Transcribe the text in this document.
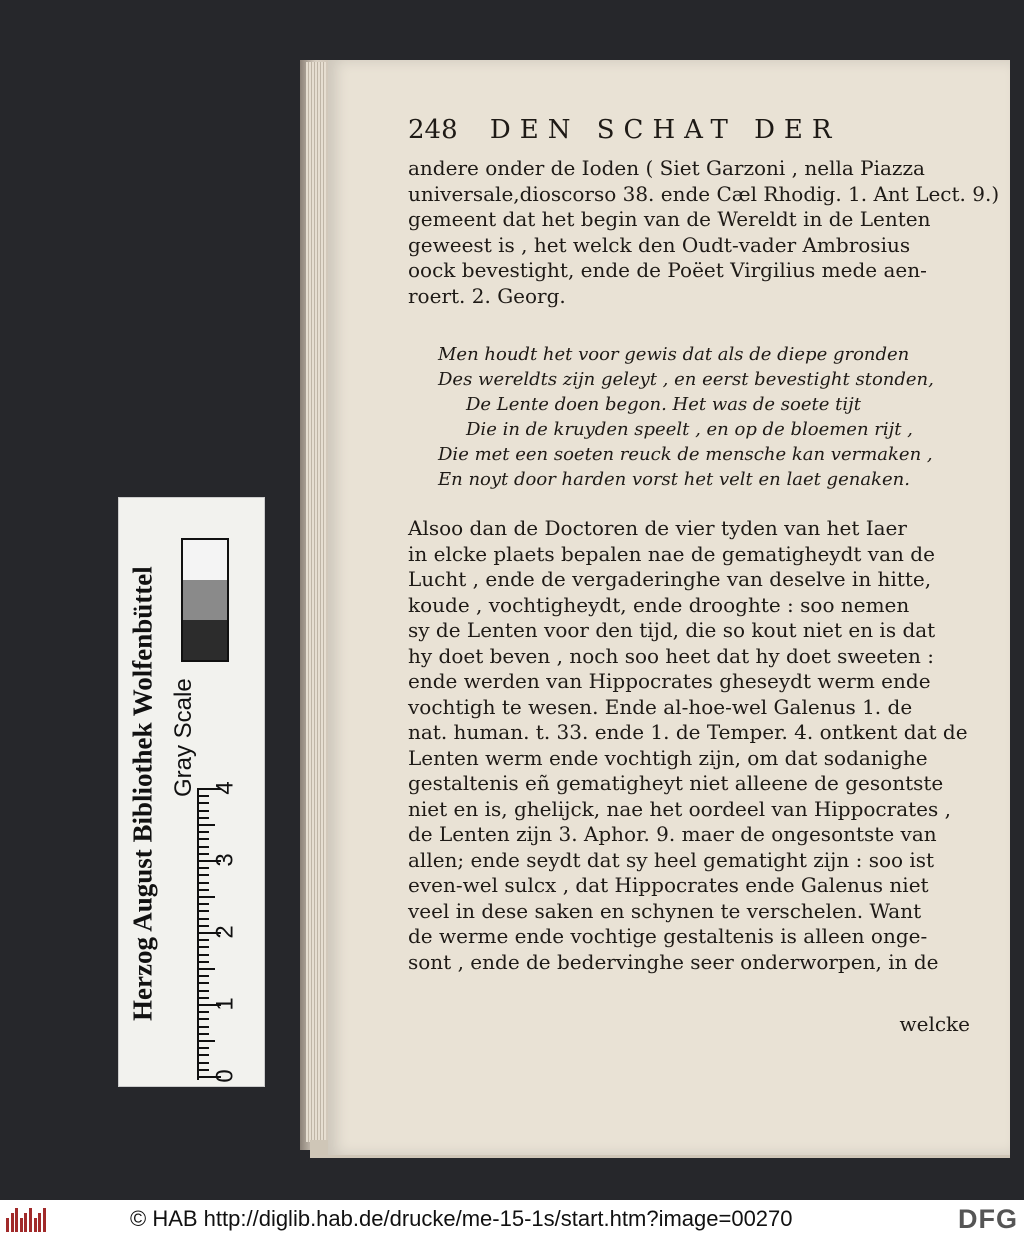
248 DEN SCHAT DER
andere onder de Ioden ( Siet Garzoni , nella Piazza
universale,dioscorso 38. ende Cæl Rhodig. 1. Ant Lect. 9.)
gemeent dat het begin van de Wereldt in de Lenten
geweest is , het welck den Oudt-vader Ambrosius
oock bevestight, ende de Poëet Virgilius mede aen-
roert. 2. Georg.
Men houdt het voor gewis dat als de diepe gronden
Des wereldts zijn geleyt , en eerst bevestight stonden,
De Lente doen begon. Het was de soete tijt
Die in de kruyden speelt , en op de bloemen rijt ,
Die met een soeten reuck de mensche kan vermaken ,
En noyt door harden vorst het velt en laet genaken.
Alsoo dan de Doctoren de vier tyden van het Iaer
in elcke plaets bepalen nae de gematigheydt van de
Lucht , ende de vergaderinghe van deselve in hitte,
koude , vochtigheydt, ende drooghte : soo nemen
sy de Lenten voor den tijd, die so kout niet en is dat
hy doet beven , noch soo heet dat hy doet sweeten :
ende werden van Hippocrates gheseydt werm ende
vochtigh te wesen. Ende al-hoe-wel Galenus 1. de
nat. human. t. 33. ende 1. de Temper. 4. ontkent dat de
Lenten werm ende vochtigh zijn, om dat sodanighe
gestaltenis eñ gematigheyt niet alleene de gesontste
niet en is, ghelijck, nae het oordeel van Hippocrates ,
de Lenten zijn 3. Aphor. 9. maer de ongesontste van
allen; ende seydt dat sy heel gematight zijn : soo ist
even-wel sulcx , dat Hippocrates ende Galenus niet
veel in dese saken en schynen te verschelen. Want
de werme ende vochtige gestaltenis is alleen onge-
sont , ende de bedervinghe seer onderworpen, in de
welcke
Herzog August Bibliothek Wolfenbüttel Gray Scale
0
1
2
3
4
© HAB http://diglib.hab.de/drucke/me-15-1s/start.htm?image=00270	DFG
